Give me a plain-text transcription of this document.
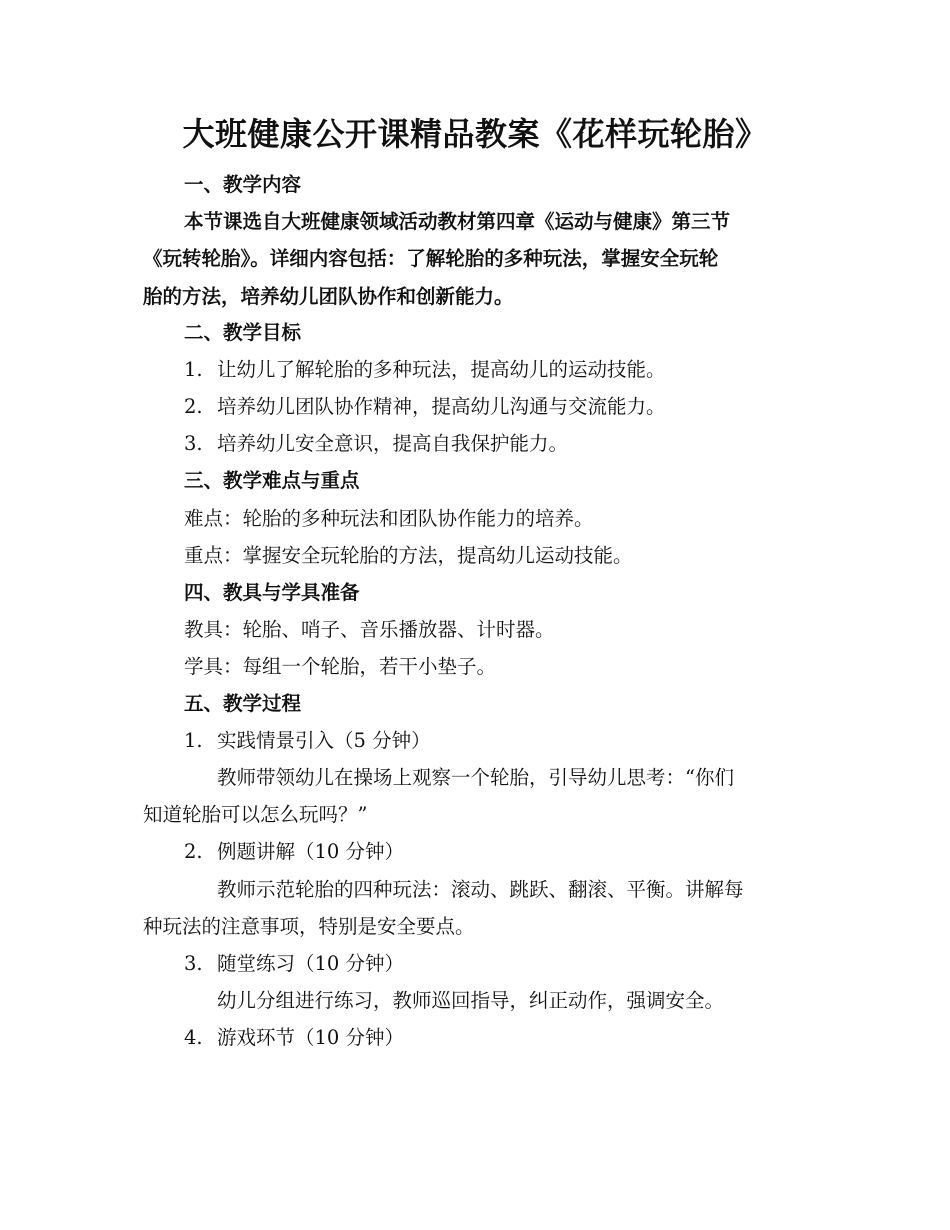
大班健康公开课精品教案《花样玩轮胎》
一、教学内容
本节课选自大班健康领域活动教材第四章《运动与健康》第三节
《玩转轮胎》。详细内容包括：了解轮胎的多种玩法，掌握安全玩轮
胎的方法，培养幼儿团队协作和创新能力。
二、教学目标
1. 让幼儿了解轮胎的多种玩法，提高幼儿的运动技能。
2. 培养幼儿团队协作精神，提高幼儿沟通与交流能力。
3. 培养幼儿安全意识，提高自我保护能力。
三、教学难点与重点
难点：轮胎的多种玩法和团队协作能力的培养。
重点：掌握安全玩轮胎的方法，提高幼儿运动技能。
四、教具与学具准备
教具：轮胎、哨子、音乐播放器、计时器。
学具：每组一个轮胎，若干小垫子。
五、教学过程
1. 实践情景引入（5 分钟）
教师带领幼儿在操场上观察一个轮胎，引导幼儿思考：“你们
知道轮胎可以怎么玩吗？”
2. 例题讲解（10 分钟）
教师示范轮胎的四种玩法：滚动、跳跃、翻滚、平衡。讲解每
种玩法的注意事项，特别是安全要点。
3. 随堂练习（10 分钟）
幼儿分组进行练习，教师巡回指导，纠正动作，强调安全。
4. 游戏环节（10 分钟）
